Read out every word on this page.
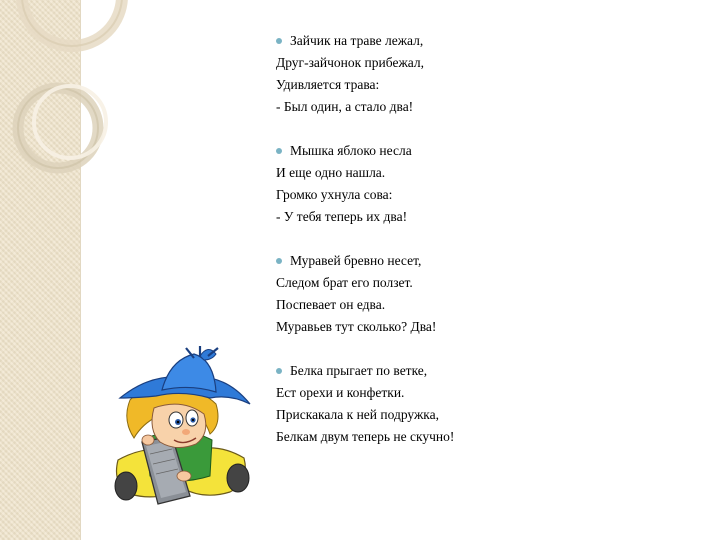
Зайчик на траве лежал,
Друг-зайчонок прибежал,
Удивляется трава:
- Был один, а стало два!
Мышка яблоко несла
И еще одно нашла.
Громко ухнула сова:
- У тебя теперь их два!
Муравей бревно несет,
Следом брат его ползет.
Поспевает он едва.
Муравьев тут сколько? Два!
Белка прыгает по ветке,
Ест орехи и конфетки.
Прискакала к ней подружка,
Белкам двум теперь не скучно!
